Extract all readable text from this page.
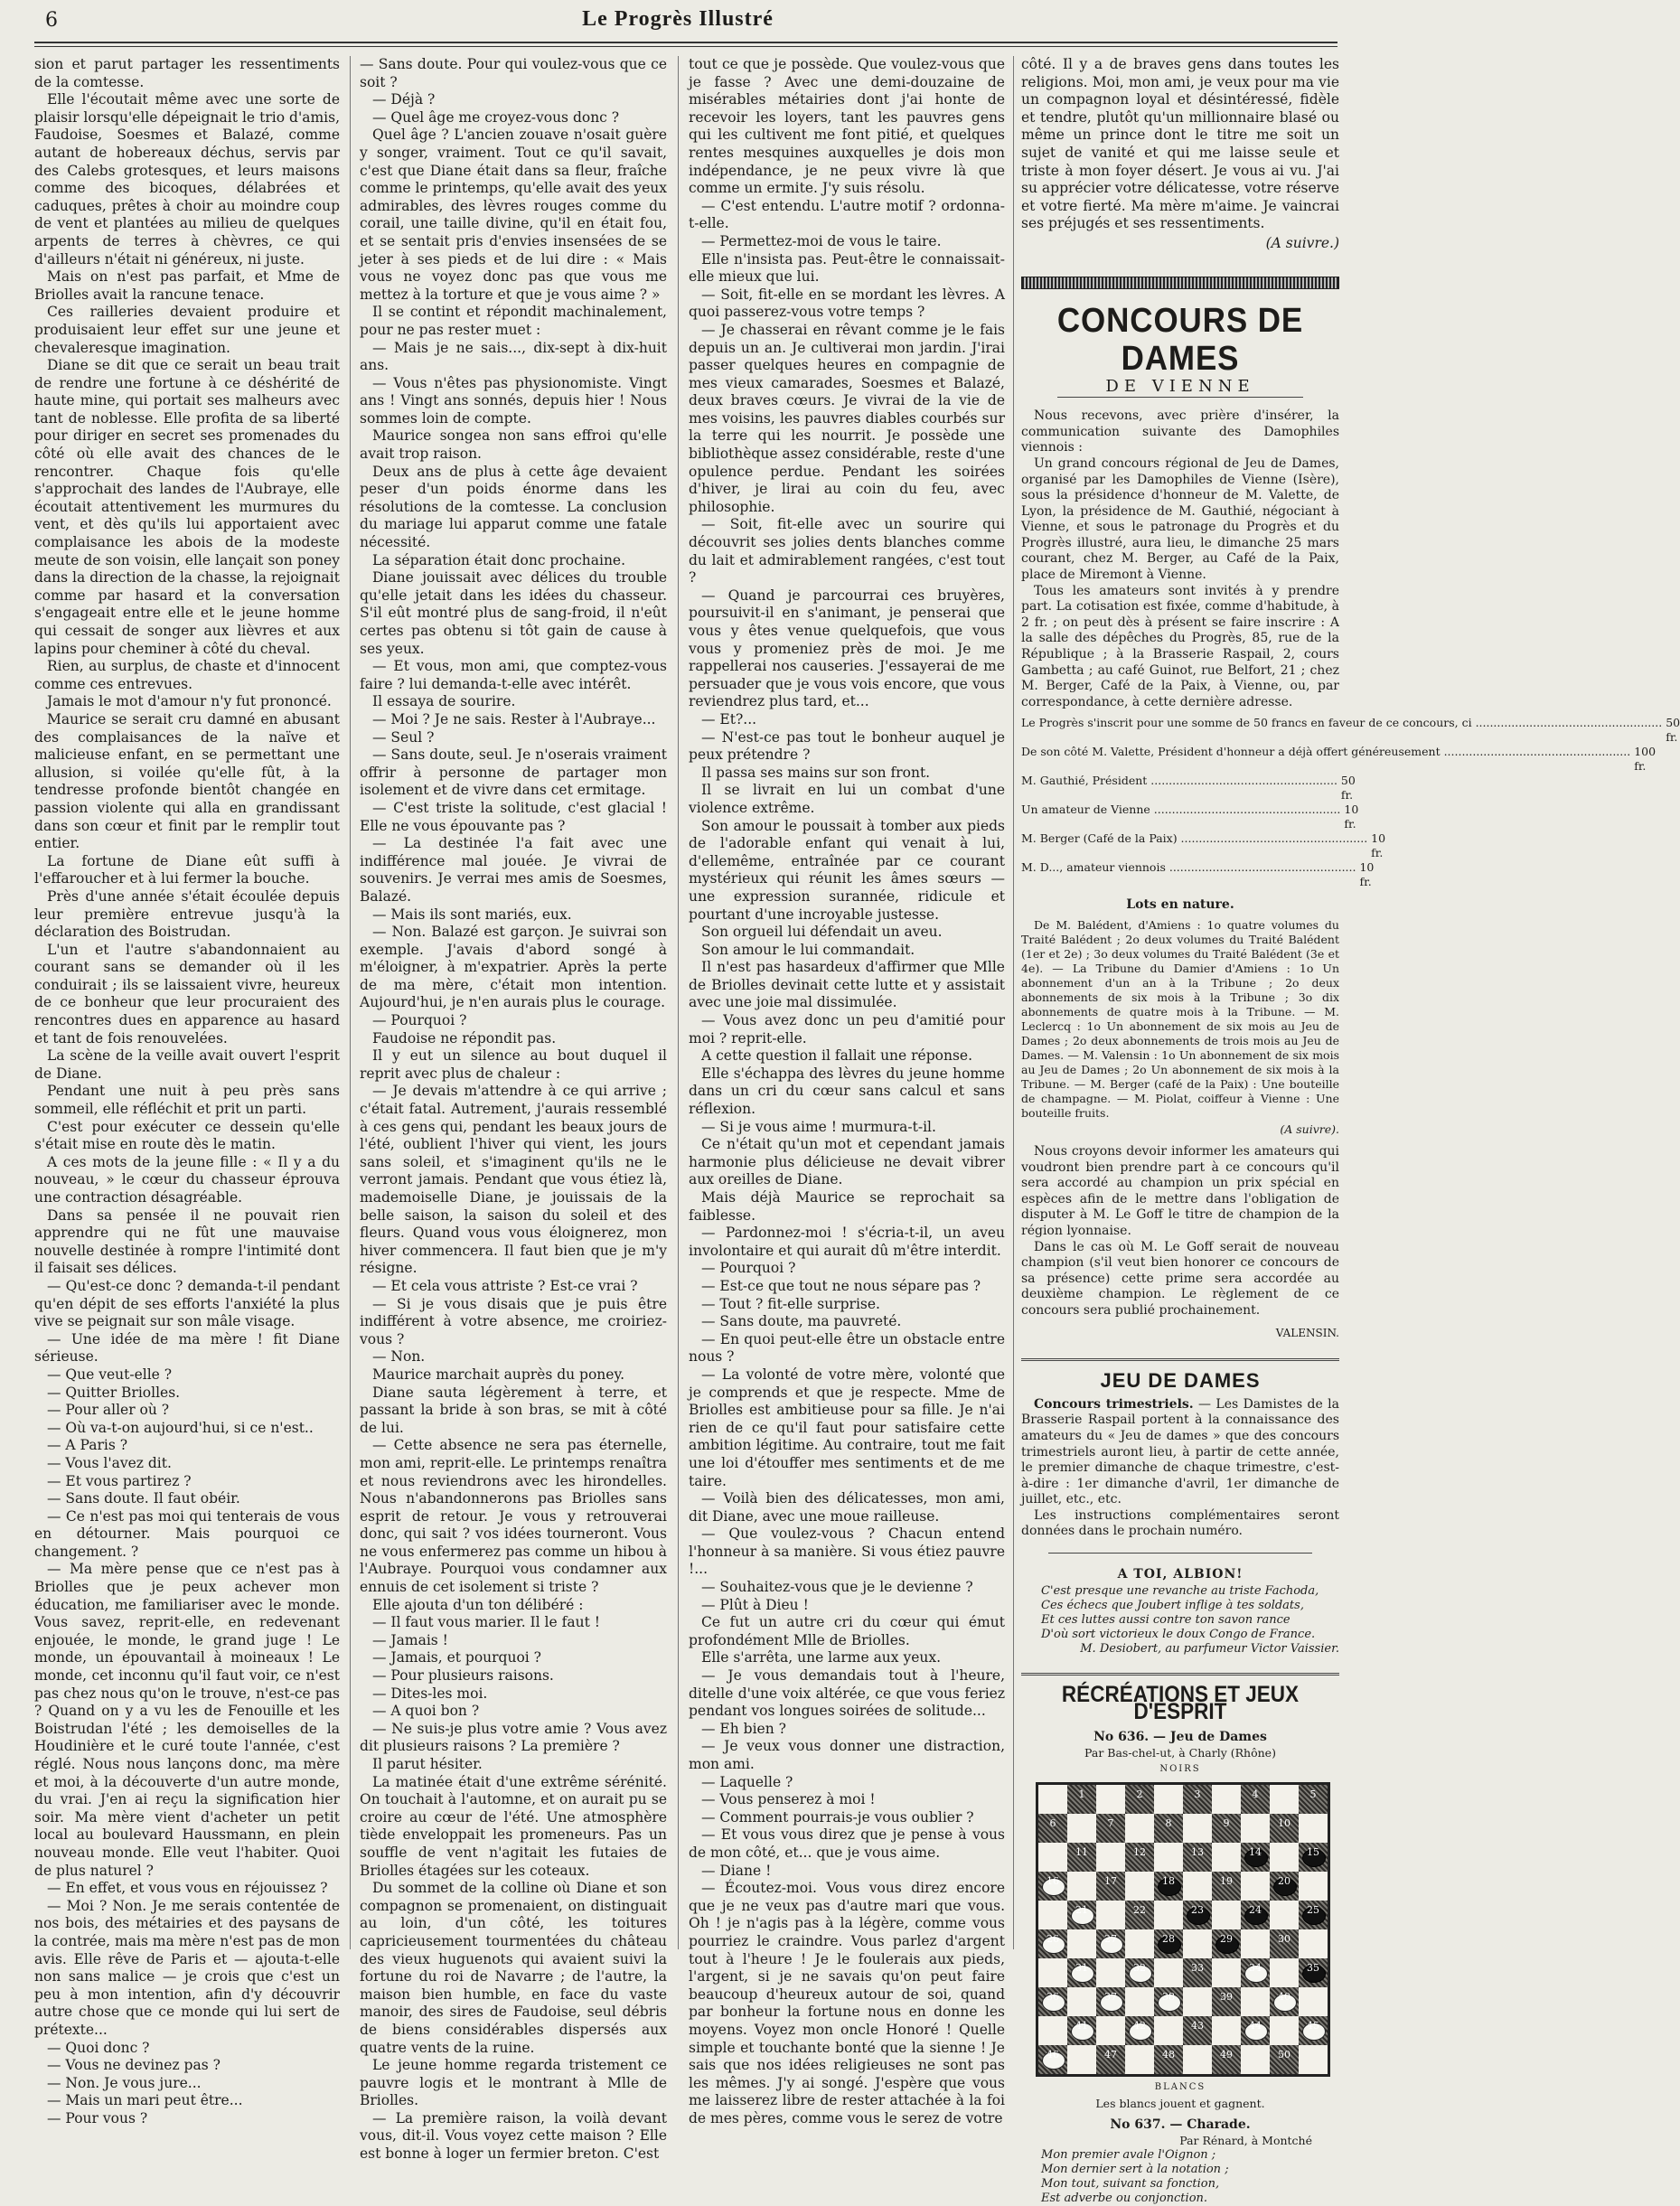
6	Le Progrès Illustré

sion et parut partager les ressentiments de la comtesse.

Elle l'écoutait même avec une sorte de plaisir lorsqu'elle dépeignait le trio d'amis, Faudoise, Soesmes et Balazé, comme autant de hobereaux déchus, servis par des Calebs grotesques, et leurs maisons comme des bicoques, délabrées et caduques, prêtes à choir au moindre coup de vent et plantées au milieu de quelques arpents de terres à chèvres, ce qui d'ailleurs n'était ni généreux, ni juste.

Mais on n'est pas parfait, et Mme de Briolles avait la rancune tenace.

Ces railleries devaient produire et produisaient leur effet sur une jeune et chevaleresque imagination.

Diane se dit que ce serait un beau trait de rendre une fortune à ce déshérité de haute mine, qui portait ses malheurs avec tant de noblesse. Elle profita de sa liberté pour diriger en secret ses promenades du côté où elle avait des chances de le rencontrer. Chaque fois qu'elle s'approchait des landes de l'Aubraye, elle écoutait attentivement les murmures du vent, et dès qu'ils lui apportaient avec complaisance les abois de la modeste meute de son voisin, elle lançait son poney dans la direction de la chasse, la rejoignait comme par hasard et la conversation s'engageait entre elle et le jeune homme qui cessait de songer aux lièvres et aux lapins pour cheminer à côté du cheval.

Rien, au surplus, de chaste et d'innocent comme ces entrevues.

Jamais le mot d'amour n'y fut prononcé.

Maurice se serait cru damné en abusant des complaisances de la naïve et malicieuse enfant, en se permettant une allusion, si voilée qu'elle fût, à la tendresse profonde bientôt changée en passion violente qui alla en grandissant dans son cœur et finit par le remplir tout entier.

La fortune de Diane eût suffi à l'effaroucher et à lui fermer la bouche.

Près d'une année s'était écoulée depuis leur première entrevue jusqu'à la déclaration des Boistrudan.

L'un et l'autre s'abandonnaient au courant sans se demander où il les conduirait ; ils se laissaient vivre, heureux de ce bonheur que leur procuraient des rencontres dues en apparence au hasard et tant de fois renouvelées.

La scène de la veille avait ouvert l'esprit de Diane.

Pendant une nuit à peu près sans sommeil, elle réfléchit et prit un parti.

C'est pour exécuter ce dessein qu'elle s'était mise en route dès le matin.

A ces mots de la jeune fille : « Il y a du nouveau, » le cœur du chasseur éprouva une contraction désagréable.

Dans sa pensée il ne pouvait rien apprendre qui ne fût une mauvaise nouvelle destinée à rompre l'intimité dont il faisait ses délices.

— Qu'est-ce donc ? demanda-t-il pendant qu'en dépit de ses efforts l'anxiété la plus vive se peignait sur son mâle visage.

— Une idée de ma mère ! fit Diane sérieuse.

— Que veut-elle ?

— Quitter Briolles.

— Pour aller où ?

— Où va-t-on aujourd'hui, si ce n'est..

— A Paris ?

— Vous l'avez dit.

— Et vous partirez ?

— Sans doute. Il faut obéir.

— Ce n'est pas moi qui tenterais de vous en détourner. Mais pourquoi ce changement. ?

— Ma mère pense que ce n'est pas à Briolles que je peux achever mon éducation, me familiariser avec le monde. Vous savez, reprit-elle, en redevenant enjouée, le monde, le grand juge ! Le monde, un épouvantail à moineaux ! Le monde, cet inconnu qu'il faut voir, ce n'est pas chez nous qu'on le trouve, n'est-ce pas ? Quand on y a vu les de Fenouille et les Boistrudan l'été ; les demoiselles de la Houdinière et le curé toute l'année, c'est réglé. Nous nous lançons donc, ma mère et moi, à la découverte d'un autre monde, du vrai. J'en ai reçu la signification hier soir. Ma mère vient d'acheter un petit local au boulevard Haussmann, en plein nouveau monde. Elle veut l'habiter. Quoi de plus naturel ?

— En effet, et vous vous en réjouissez ?

— Moi ? Non. Je me serais contentée de nos bois, des métairies et des paysans de la contrée, mais ma mère n'est pas de mon avis. Elle rêve de Paris et — ajouta-t-elle non sans malice — je crois que c'est un peu à mon intention, afin d'y découvrir autre chose que ce monde qui lui sert de prétexte...

— Quoi donc ?

— Vous ne devinez pas ?

— Non. Je vous jure...

— Mais un mari peut être...

— Pour vous ?

— Sans doute. Pour qui voulez-vous que ce soit ?

— Déjà ?

— Quel âge me croyez-vous donc ?

Quel âge ? L'ancien zouave n'osait guère y songer, vraiment. Tout ce qu'il savait, c'est que Diane était dans sa fleur, fraîche comme le printemps, qu'elle avait des yeux admirables, des lèvres rouges comme du corail, une taille divine, qu'il en était fou, et se sentait pris d'envies insensées de se jeter à ses pieds et de lui dire : « Mais vous ne voyez donc pas que vous me mettez à la torture et que je vous aime ? »

Il se contint et répondit machinalement, pour ne pas rester muet :

— Mais je ne sais..., dix-sept à dix-huit ans.

— Vous n'êtes pas physionomiste. Vingt ans ! Vingt ans sonnés, depuis hier ! Nous sommes loin de compte.

Maurice songea non sans effroi qu'elle avait trop raison.

Deux ans de plus à cette âge devaient peser d'un poids énorme dans les résolutions de la comtesse. La conclusion du mariage lui apparut comme une fatale nécessité.

La séparation était donc prochaine.

Diane jouissait avec délices du trouble qu'elle jetait dans les idées du chasseur. S'il eût montré plus de sang-froid, il n'eût certes pas obtenu si tôt gain de cause à ses yeux.

— Et vous, mon ami, que comptez-vous faire ? lui demanda-t-elle avec intérêt.

Il essaya de sourire.

— Moi ? Je ne sais. Rester à l'Aubraye...

— Seul ?

— Sans doute, seul. Je n'oserais vraiment offrir à personne de partager mon isolement et de vivre dans cet ermitage.

— C'est triste la solitude, c'est glacial ! Elle ne vous épouvante pas ?

— La destinée l'a fait avec une indifférence mal jouée. Je vivrai de souvenirs. Je verrai mes amis de Soesmes, Balazé.

— Mais ils sont mariés, eux.

— Non. Balazé est garçon. Je suivrai son exemple. J'avais d'abord songé à m'éloigner, à m'expatrier. Après la perte de ma mère, c'était mon intention. Aujourd'hui, je n'en aurais plus le courage.

— Pourquoi ?

Faudoise ne répondit pas.

Il y eut un silence au bout duquel il reprit avec plus de chaleur :

— Je devais m'attendre à ce qui arrive ; c'était fatal. Autrement, j'aurais ressemblé à ces gens qui, pendant les beaux jours de l'été, oublient l'hiver qui vient, les jours sans soleil, et s'imaginent qu'ils ne le verront jamais. Pendant que vous étiez là, mademoiselle Diane, je jouissais de la belle saison, la saison du soleil et des fleurs. Quand vous vous éloignerez, mon hiver commencera. Il faut bien que je m'y résigne.

— Et cela vous attriste ? Est-ce vrai ?

— Si je vous disais que je puis être indifférent à votre absence, me croiriez-vous ?

— Non.

Maurice marchait auprès du poney.

Diane sauta légèrement à terre, et passant la bride à son bras, se mit à côté de lui.

— Cette absence ne sera pas éternelle, mon ami, reprit-elle. Le printemps renaîtra et nous reviendrons avec les hirondelles. Nous n'abandonnerons pas Briolles sans esprit de retour. Je vous y retrouverai donc, qui sait ? vos idées tourneront. Vous ne vous enfermerez pas comme un hibou à l'Aubraye. Pourquoi vous condamner aux ennuis de cet isolement si triste ?

Elle ajouta d'un ton délibéré :

— Il faut vous marier. Il le faut !

— Jamais !

— Jamais, et pourquoi ?

— Pour plusieurs raisons.

— Dites-les moi.

— A quoi bon ?

— Ne suis-je plus votre amie ? Vous avez dit plusieurs raisons ? La première ?

Il parut hésiter.

La matinée était d'une extrême sérénité. On touchait à l'automne, et on aurait pu se croire au cœur de l'été. Une atmosphère tiède enveloppait les promeneurs. Pas un souffle de vent n'agitait les futaies de Briolles étagées sur les coteaux.

Du sommet de la colline où Diane et son compagnon se promenaient, on distinguait au loin, d'un côté, les toitures capricieusement tourmentées du château des vieux huguenots qui avaient suivi la fortune du roi de Navarre ; de l'autre, la maison bien humble, en face du vaste manoir, des sires de Faudoise, seul débris de biens considérables dispersés aux quatre vents de la ruine.

Le jeune homme regarda tristement ce pauvre logis et le montrant à Mlle de Briolles.

— La première raison, la voilà devant vous, dit-il. Vous voyez cette maison ? Elle est bonne à loger un fermier breton. C'est

tout ce que je possède. Que voulez-vous que je fasse ? Avec une demi-douzaine de misérables métairies dont j'ai honte de recevoir les loyers, tant les pauvres gens qui les cultivent me font pitié, et quelques rentes mesquines auxquelles je dois mon indépendance, je ne peux vivre là que comme un ermite. J'y suis résolu.

— C'est entendu. L'autre motif ? ordonna-t-elle.

— Permettez-moi de vous le taire.

Elle n'insista pas. Peut-être le connaissait-elle mieux que lui.

— Soit, fit-elle en se mordant les lèvres. A quoi passerez-vous votre temps ?

— Je chasserai en rêvant comme je le fais depuis un an. Je cultiverai mon jardin. J'irai passer quelques heures en compagnie de mes vieux camarades, Soesmes et Balazé, deux braves cœurs. Je vivrai de la vie de mes voisins, les pauvres diables courbés sur la terre qui les nourrit. Je possède une bibliothèque assez considérable, reste d'une opulence perdue. Pendant les soirées d'hiver, je lirai au coin du feu, avec philosophie.

— Soit, fit-elle avec un sourire qui découvrit ses jolies dents blanches comme du lait et admirablement rangées, c'est tout ?

— Quand je parcourrai ces bruyères, poursuivit-il en s'animant, je penserai que vous y êtes venue quelquefois, que vous vous y promeniez près de moi. Je me rappellerai nos causeries. J'essayerai de me persuader que je vous vois encore, que vous reviendrez plus tard, et...

— Et?...

— N'est-ce pas tout le bonheur auquel je peux prétendre ?

Il passa ses mains sur son front.

Il se livrait en lui un combat d'une violence extrême.

Son amour le poussait à tomber aux pieds de l'adorable enfant qui venait à lui, d'ellemême, entraînée par ce courant mystérieux qui réunit les âmes sœurs — une expression surannée, ridicule et pourtant d'une incroyable justesse.

Son orgueil lui défendait un aveu.

Son amour le lui commandait.

Il n'est pas hasardeux d'affirmer que Mlle de Briolles devinait cette lutte et y assistait avec une joie mal dissimulée.

— Vous avez donc un peu d'amitié pour moi ? reprit-elle.

A cette question il fallait une réponse.

Elle s'échappa des lèvres du jeune homme dans un cri du cœur sans calcul et sans réflexion.

— Si je vous aime ! murmura-t-il.

Ce n'était qu'un mot et cependant jamais harmonie plus délicieuse ne devait vibrer aux oreilles de Diane.

Mais déjà Maurice se reprochait sa faiblesse.

— Pardonnez-moi ! s'écria-t-il, un aveu involontaire et qui aurait dû m'être interdit.

— Pourquoi ?

— Est-ce que tout ne nous sépare pas ?

— Tout ? fit-elle surprise.

— Sans doute, ma pauvreté.

— En quoi peut-elle être un obstacle entre nous ?

— La volonté de votre mère, volonté que je comprends et que je respecte. Mme de Briolles est ambitieuse pour sa fille. Je n'ai rien de ce qu'il faut pour satisfaire cette ambition légitime. Au contraire, tout me fait une loi d'étouffer mes sentiments et de me taire.

— Voilà bien des délicatesses, mon ami, dit Diane, avec une moue railleuse.

— Que voulez-vous ? Chacun entend l'honneur à sa manière. Si vous étiez pauvre !...

— Souhaitez-vous que je le devienne ?

— Plût à Dieu !

Ce fut un autre cri du cœur qui émut profondément Mlle de Briolles.

Elle s'arrêta, une larme aux yeux.

— Je vous demandais tout à l'heure, ditelle d'une voix altérée, ce que vous feriez pendant vos longues soirées de solitude...

— Eh bien ?

— Je veux vous donner une distraction, mon ami.

— Laquelle ?

— Vous penserez à moi !

— Comment pourrais-je vous oublier ?

— Et vous vous direz que je pense à vous de mon côté, et... que je vous aime.

— Diane !

— Écoutez-moi. Vous vous direz encore que je ne veux pas d'autre mari que vous. Oh ! je n'agis pas à la légère, comme vous pourriez le craindre. Vous parlez d'argent tout à l'heure ! Je le foulerais aux pieds, l'argent, si je ne savais qu'on peut faire beaucoup d'heureux autour de soi, quand par bonheur la fortune nous en donne les moyens. Voyez mon oncle Honoré ! Quelle simple et touchante bonté que la sienne ! Je sais que nos idées religieuses ne sont pas les mêmes. J'y ai songé. J'espère que vous me laisserez libre de rester attachée à la foi de mes pères, comme vous le serez de votre

côté. Il y a de braves gens dans toutes les religions. Moi, mon ami, je veux pour ma vie un compagnon loyal et désintéressé, fidèle et tendre, plutôt qu'un millionnaire blasé ou même un prince dont le titre me soit un sujet de vanité et qui me laisse seule et triste à mon foyer désert. Je vous ai vu. J'ai su apprécier votre délicatesse, votre réserve et votre fierté. Ma mère m'aime. Je vaincrai ses préjugés et ses ressentiments.

(A suivre.)
CONCOURS DE DAMES
DE VIENNE

Nous recevons, avec prière d'insérer, la communication suivante des Damophiles viennois :

Un grand concours régional de Jeu de Dames, organisé par les Damophiles de Vienne (Isère), sous la présidence d'honneur de M. Valette, de Lyon, la présidence de M. Gauthié, négociant à Vienne, et sous le patronage du Progrès et du Progrès illustré, aura lieu, le dimanche 25 mars courant, chez M. Berger, au Café de la Paix, place de Miremont à Vienne.

Tous les amateurs sont invités à y prendre part. La cotisation est fixée, comme d'habitude, à 2 fr. ; on peut dès à présent se faire inscrire : A la salle des dépêches du Progrès, 85, rue de la République ; à la Brasserie Raspail, 2, cours Gambetta ; au café Guinot, rue Belfort, 21 ; chez M. Berger, Café de la Paix, à Vienne, ou, par correspondance, à cette dernière adresse.

Le Progrès s'inscrit pour une somme de 50 francs en faveur de ce concours, ci .....	50 fr.
De son côté M. Valette, Président d'honneur a déjà offert généreusement .....	100 fr.
M. Gauthié, Président .....	50 fr.
Un amateur de Vienne .....	10 fr.
M. Berger (Café de la Paix) .....	10 fr.
M. D..., amateur viennois .....	10 fr.
Lots en nature.

De M. Balédent, d'Amiens : 1o quatre volumes du Traité Balédent ; 2o deux volumes du Traité Balédent (1er et 2e) ; 3o deux volumes du Traité Balédent (3e et 4e). — La Tribune du Damier d'Amiens : 1o Un abonnement d'un an à la Tribune ; 2o deux abonnements de six mois à la Tribune ; 3o dix abonnements de quatre mois à la Tribune. — M. Leclercq : 1o Un abonnement de six mois au Jeu de Dames ; 2o deux abonnements de trois mois au Jeu de Dames. — M. Valensin : 1o Un abonnement de six mois au Jeu de Dames ; 2o Un abonnement de six mois à la Tribune. — M. Berger (café de la Paix) : Une bouteille de champagne. — M. Piolat, coiffeur à Vienne : Une bouteille fruits.

(A suivre).

Nous croyons devoir informer les amateurs qui voudront bien prendre part à ce concours qu'il sera accordé au champion un prix spécial en espèces afin de le mettre dans l'obligation de disputer à M. Le Goff le titre de champion de la région lyonnaise.

Dans le cas où M. Le Goff serait de nouveau champion (s'il veut bien honorer ce concours de sa présence) cette prime sera accordée au deuxième champion. Le règlement de ce concours sera publié prochainement.

VALENSIN.
JEU DE DAMES

Concours trimestriels. — Les Damistes de la Brasserie Raspail portent à la connaissance des amateurs du « Jeu de dames » que des concours trimestriels auront lieu, à partir de cette année, le premier dimanche de chaque trimestre, c'est-à-dire : 1er dimanche d'avril, 1er dimanche de juillet, etc., etc.

Les instructions complémentaires seront données dans le prochain numéro.

A TOI, ALBION!
C'est presque une revanche au triste Fachoda,
Ces échecs que Joubert inflige à tes soldats,
Et ces luttes aussi contre ton savon rance
D'où sort victorieux le doux Congo de France.
M. Desiobert, au parfumeur Victor Vaissier.
RÉCRÉATIONS ET JEUX D'ESPRIT
No 636. — Jeu de Dames
Par Bas-chel-ut, à Charly (Rhône)
NOIRS
1	2	3	4	5
6	7	8	9	10
11	12	13	14	15
16	17	18	19	20
21	22	23	24	25
26	27	28	29	30
31	32	33	34	35
36	37	38	39	40
41	42	43	44	45
46	47	48	49	50
BLANCS
Les blancs jouent et gagnent.
No 637. — Charade.
Par Rénard, à Montché
Mon premier avale l'Oignon ;
Mon dernier sert à la notation ;
Mon tout, suivant sa fonction,
Est adverbe ou conjonction.
